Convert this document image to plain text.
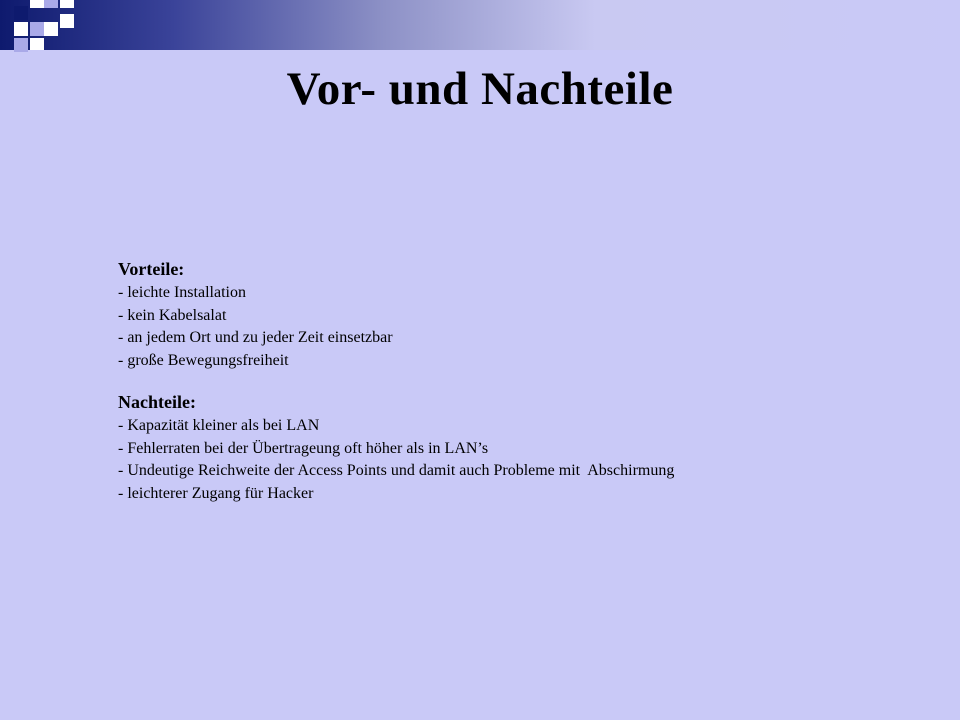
Vor- und Nachteile
Vorteile:
- leichte Installation
- kein Kabelsalat
- an jedem Ort und zu jeder Zeit einsetzbar
- große Bewegungsfreiheit
Nachteile:
- Kapazität kleiner als bei LAN
- Fehlerraten bei der Übertrageung oft höher als in LAN’s
- Undeutige Reichweite der Access Points und damit auch Probleme mit  Abschirmung
- leichterer Zugang für Hacker
